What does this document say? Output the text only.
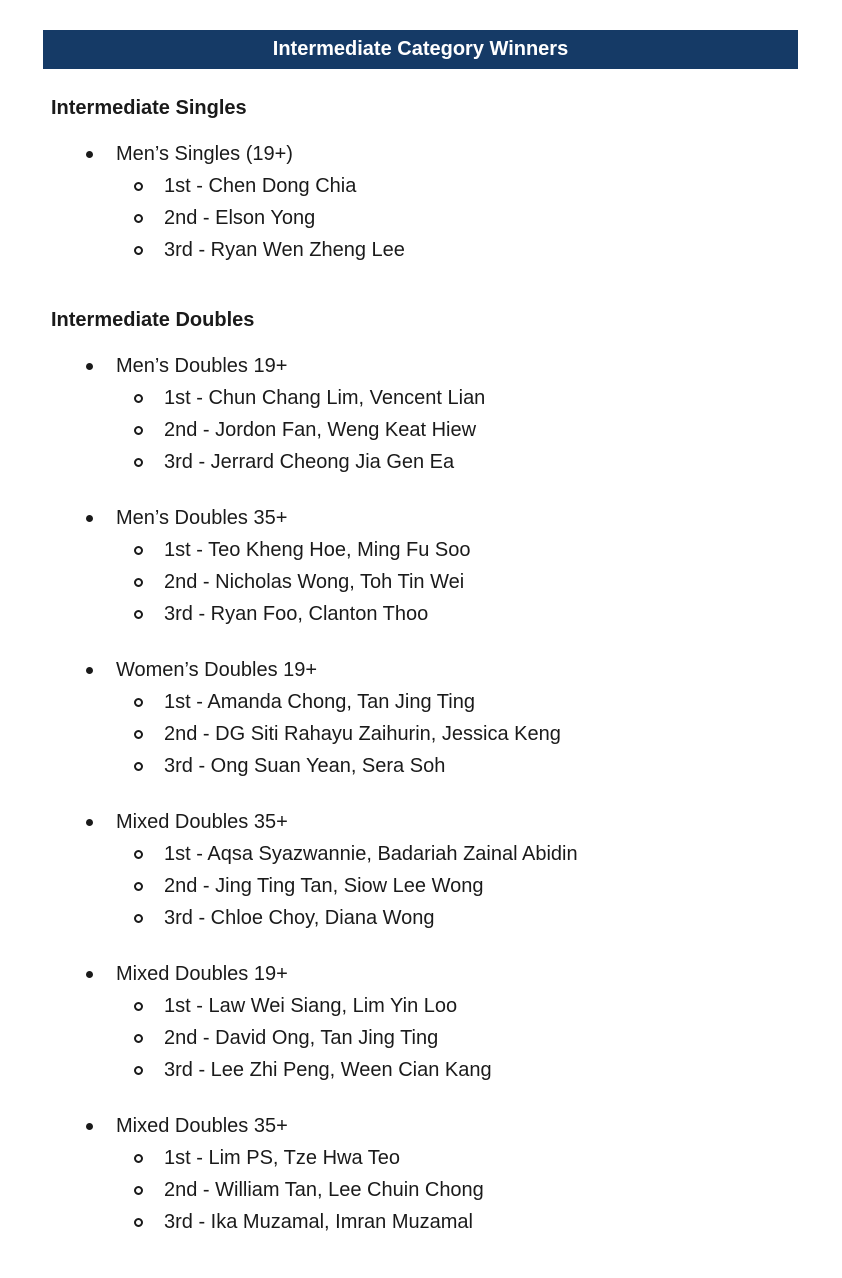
Intermediate Category Winners
Intermediate Singles
Men’s Singles (19+)
1st - Chen Dong Chia
2nd - Elson Yong
3rd - Ryan Wen Zheng Lee
Intermediate Doubles
Men’s Doubles 19+
1st - Chun Chang Lim, Vencent Lian
2nd - Jordon Fan, Weng Keat Hiew
3rd - Jerrard Cheong Jia Gen Ea
Men’s Doubles 35+
1st - Teo Kheng Hoe, Ming Fu Soo
2nd - Nicholas Wong, Toh Tin Wei
3rd - Ryan Foo, Clanton Thoo
Women’s Doubles 19+
1st - Amanda Chong, Tan Jing Ting
2nd - DG Siti Rahayu Zaihurin, Jessica Keng
3rd - Ong Suan Yean, Sera Soh
Mixed Doubles 35+
1st - Aqsa Syazwannie, Badariah Zainal Abidin
2nd - Jing Ting Tan, Siow Lee Wong
3rd - Chloe Choy, Diana Wong
Mixed Doubles 19+
1st - Law Wei Siang, Lim Yin Loo
2nd - David Ong, Tan Jing Ting
3rd - Lee Zhi Peng, Ween Cian Kang
Mixed Doubles 35+
1st - Lim PS, Tze Hwa Teo
2nd - William Tan, Lee Chuin Chong
3rd - Ika Muzamal, Imran Muzamal
